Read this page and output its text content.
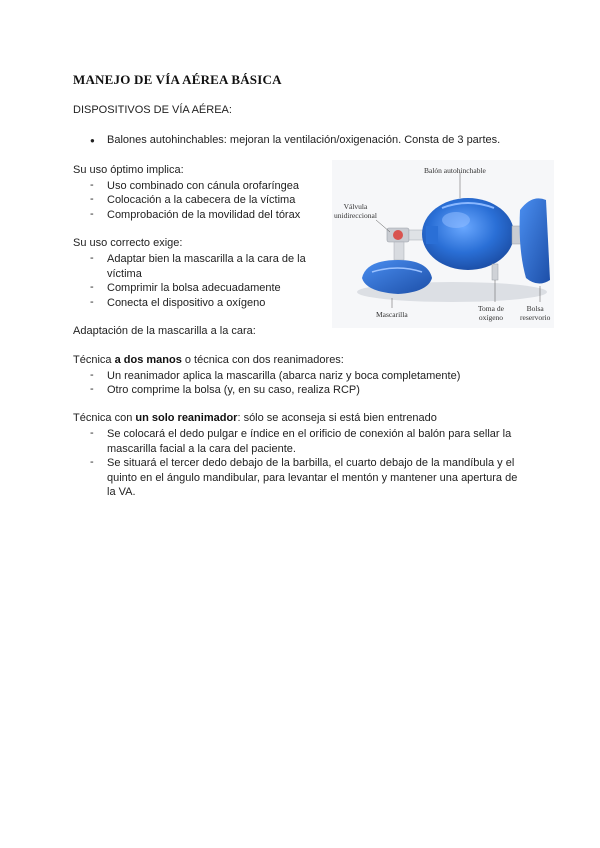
MANEJO DE VÍA AÉREA BÁSICA
DISPOSITIVOS DE VÍA AÉREA:
● Balones autohinchables: mejoran la ventilación/oxigenación. Consta de 3 partes.
Su uso óptimo implica:
- Uso combinado con cánula orofaríngea
- Colocación a la cabecera de la víctima
- Comprobación de la movilidad del tórax
Su uso correcto exige:
- Adaptar bien la mascarilla a la cara de la
víctima
- Comprimir la bolsa adecuadamente
- Conecta el dispositivo a oxígeno
Adaptación de la mascarilla a la cara:
Técnica a dos manos o técnica con dos reanimadores:
- Un reanimador aplica la mascarilla (abarca nariz y boca completamente)
- Otro comprime la bolsa (y, en su caso, realiza RCP)
Técnica con un solo reanimador: sólo se aconseja si está bien entrenado
- Se colocará el dedo pulgar e índice en el orificio de conexión al balón para sellar la
mascarilla facial a la cara del paciente.
- Se situará el tercer dedo debajo de la barbilla, el cuarto debajo de la mandíbula y el
quinto en el ángulo mandibular, para levantar el mentón y mantener una apertura de
la VA.
Balón autohinchable
Válvula
unidireccional
Mascarilla
Toma de
oxígeno
Bolsa
reservorio
